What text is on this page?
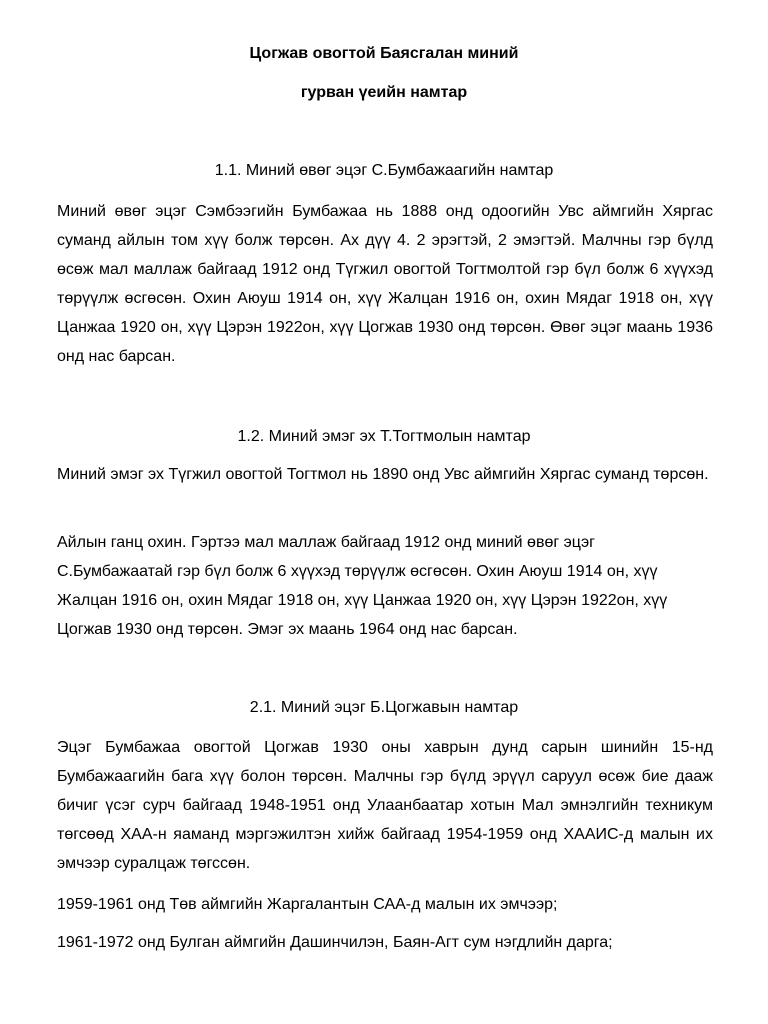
Цогжав овогтой Баясгалан миний
гурван үеийн намтар
1.1. Миний өвөг эцэг С.Бумбажаагийн намтар

Миний өвөг эцэг Сэмбээгийн Бумбажаа нь 1888 онд одоогийн Увс аймгийн Хяргас суманд айлын том хүү болж төрсөн. Ах дүү 4. 2 эрэгтэй, 2 эмэгтэй. Малчны гэр бүлд өсөж мал маллаж байгаад 1912 онд Түгжил овогтой Тогтмолтой гэр бүл болж 6 хүүхэд төрүүлж өсгөсөн. Охин Аюуш 1914 он, хүү Жалцан 1916 он, охин Мядаг 1918 он, хүү Цанжаа 1920 он, хүү Цэрэн 1922он, хүү Цогжав 1930 онд төрсөн. Өвөг эцэг маань 1936 онд нас барсан.

1.2. Миний эмэг эх Т.Тогтмолын намтар

Миний эмэг эх Түгжил овогтой Тогтмол нь 1890 онд Увс аймгийн Хяргас суманд төрсөн.

Айлын ганц охин. Гэртээ мал маллаж байгаад 1912 онд миний өвөг эцэг С.Бумбажаатай гэр бүл болж 6 хүүхэд төрүүлж өсгөсөн. Охин Аюуш 1914 он, хүү Жалцан 1916 он, охин Мядаг 1918 он, хүү Цанжаа 1920 он, хүү Цэрэн 1922он, хүү Цогжав 1930 онд төрсөн. Эмэг эх маань 1964 онд нас барсан.

2.1. Миний эцэг Б.Цогжавын намтар

Эцэг Бумбажаа овогтой Цогжав 1930 оны хаврын дунд сарын шинийн 15-нд Бумбажаагийн бага хүү болон төрсөн. Малчны гэр бүлд эрүүл саруул өсөж бие дааж бичиг үсэг сурч байгаад 1948-1951 онд Улаанбаатар хотын Мал эмнэлгийн техникум төгсөөд ХАА-н яаманд мэргэжилтэн хийж байгаад 1954-1959 онд ХААИС-д малын их эмчээр суралцаж төгссөн.

1959-1961 онд Төв аймгийн Жаргалантын САА-д малын их эмчээр;

1961-1972 онд Булган аймгийн Дашинчилэн, Баян-Агт сум нэгдлийн дарга;
